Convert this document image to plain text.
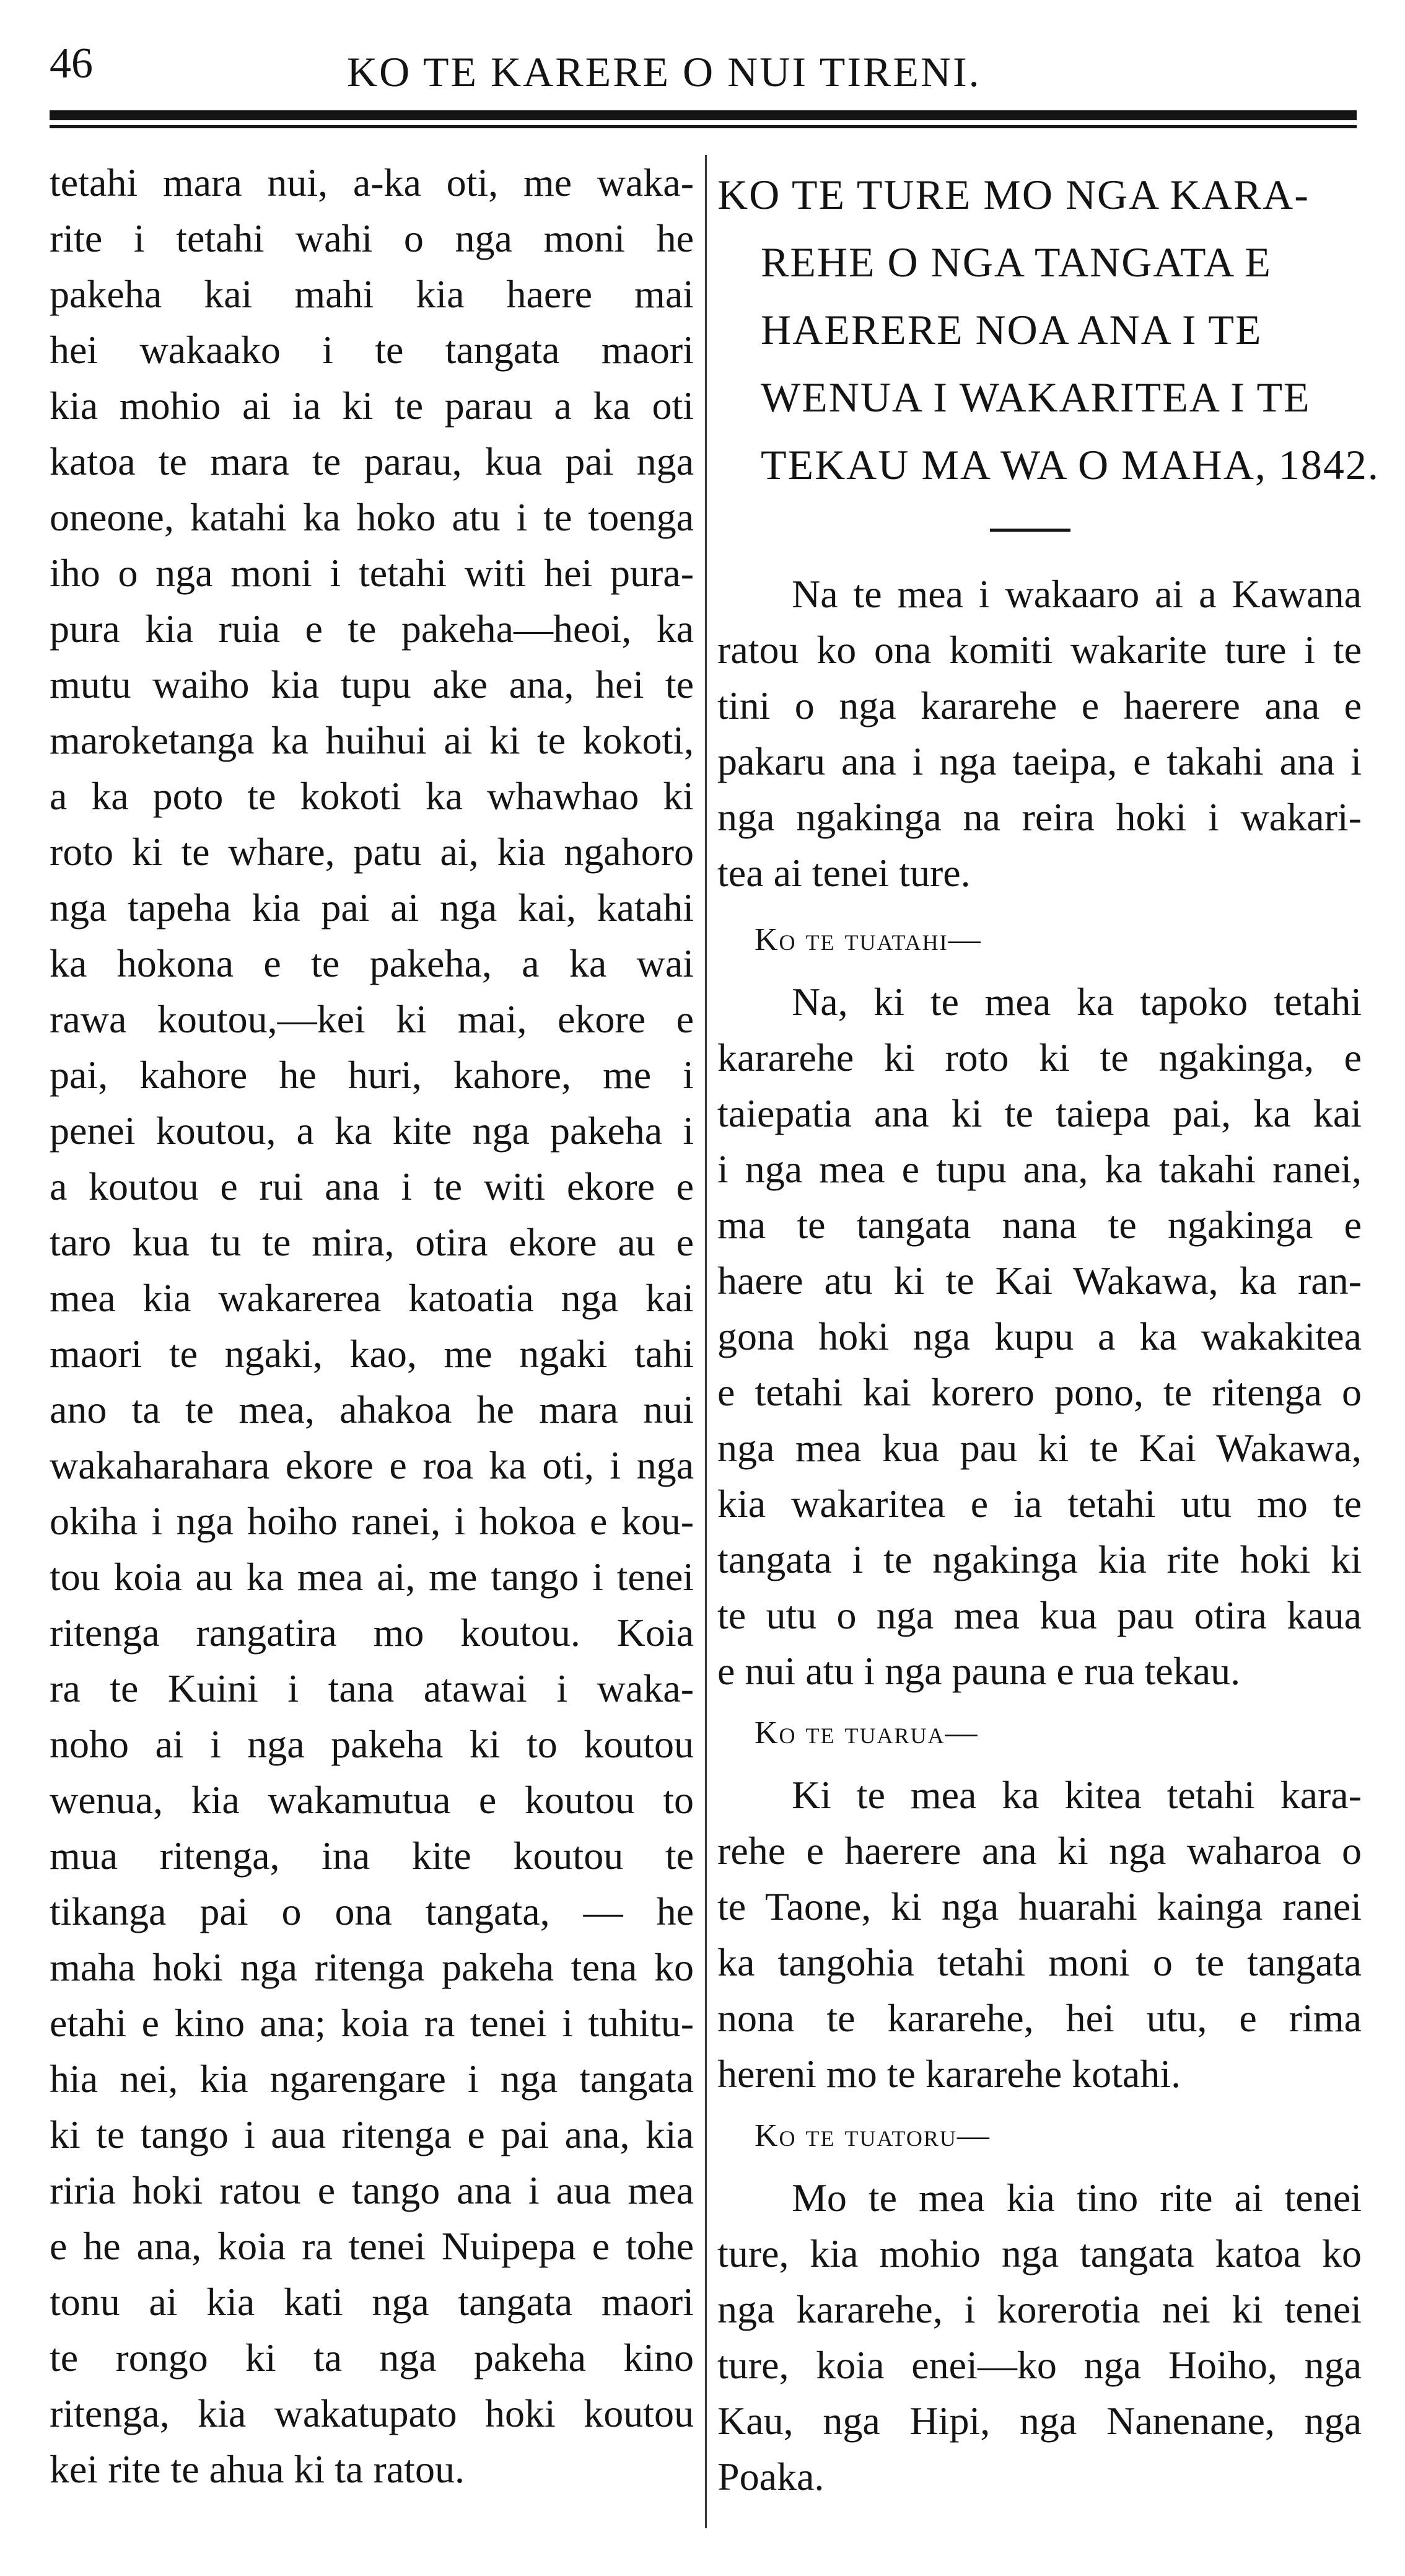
46	KO TE KARERE O NUI TIRENI.
tetahi mara nui, a-ka oti, me waka-
rite i tetahi wahi o nga moni he
pakeha kai mahi kia haere mai
hei wakaako i te tangata maori
kia mohio ai ia ki te parau a ka oti
katoa te mara te parau, kua pai nga
oneone, katahi ka hoko atu i te toenga
iho o nga moni i tetahi witi hei pura-
pura kia ruia e te pakeha—heoi, ka
mutu waiho kia tupu ake ana, hei te
maroketanga ka huihui ai ki te kokoti,
a ka poto te kokoti ka whawhao ki
roto ki te whare, patu ai, kia ngahoro
nga tapeha kia pai ai nga kai, katahi
ka hokona e te pakeha, a ka wai
rawa koutou,—kei ki mai, ekore e
pai, kahore he huri, kahore, me i
penei koutou, a ka kite nga pakeha i
a koutou e rui ana i te witi ekore e
taro kua tu te mira, otira ekore au e
mea kia wakarerea katoatia nga kai
maori te ngaki, kao, me ngaki tahi
ano ta te mea, ahakoa he mara nui
wakaharahara ekore e roa ka oti, i nga
okiha i nga hoiho ranei, i hokoa e kou-
tou koia au ka mea ai, me tango i tenei
ritenga rangatira mo koutou. Koia
ra te Kuini i tana atawai i waka-
noho ai i nga pakeha ki to koutou
wenua, kia wakamutua e koutou to
mua ritenga, ina kite koutou te
tikanga pai o ona tangata, — he
maha hoki nga ritenga pakeha tena ko
etahi e kino ana; koia ra tenei i tuhitu-
hia nei, kia ngarengare i nga tangata
ki te tango i aua ritenga e pai ana, kia
riria hoki ratou e tango ana i aua mea
e he ana, koia ra tenei Nuipepa e tohe
tonu ai kia kati nga tangata maori
te rongo ki ta nga pakeha kino
ritenga, kia wakatupato hoki koutou
kei rite te ahua ki ta ratou.
KO TE TURE MO NGA KARA-
REHE O NGA TANGATA E
HAERERE NOA ANA I TE
WENUA I WAKARITEA I TE
TEKAU MA WA O MAHA, 1842.
Na te mea i wakaaro ai a Kawana
ratou ko ona komiti wakarite ture i te
tini o nga kararehe e haerere ana e
pakaru ana i nga taeipa, e takahi ana i
nga ngakinga na reira hoki i wakari-
tea ai tenei ture.
Ko te tuatahi—
Na, ki te mea ka tapoko tetahi
kararehe ki roto ki te ngakinga, e
taiepatia ana ki te taiepa pai, ka kai
i nga mea e tupu ana, ka takahi ranei,
ma te tangata nana te ngakinga e
haere atu ki te Kai Wakawa, ka ran-
gona hoki nga kupu a ka wakakitea
e tetahi kai korero pono, te ritenga o
nga mea kua pau ki te Kai Wakawa,
kia wakaritea e ia tetahi utu mo te
tangata i te ngakinga kia rite hoki ki
te utu o nga mea kua pau otira kaua
e nui atu i nga pauna e rua tekau.
Ko te tuarua—
Ki te mea ka kitea tetahi kara-
rehe e haerere ana ki nga waharoa o
te Taone, ki nga huarahi kainga ranei
ka tangohia tetahi moni o te tangata
nona te kararehe, hei utu, e rima
hereni mo te kararehe kotahi.
Ko te tuatoru—
Mo te mea kia tino rite ai tenei
ture, kia mohio nga tangata katoa ko
nga kararehe, i korerotia nei ki tenei
ture, koia enei—ko nga Hoiho, nga
Kau, nga Hipi, nga Nanenane, nga
Poaka.
